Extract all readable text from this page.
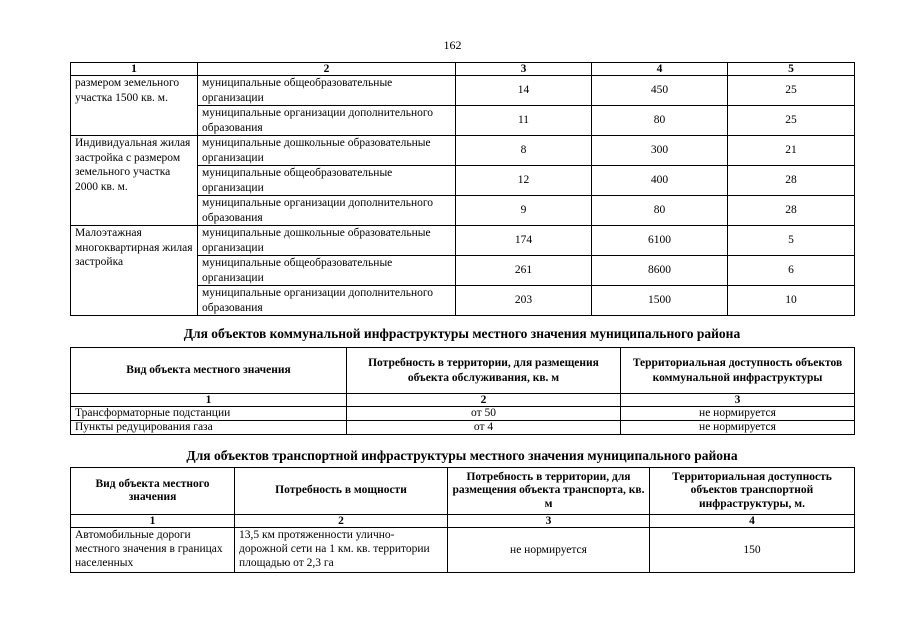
162
1	2	3	4	5
размером земельного участка 1500 кв. м.	муниципальные общеобразовательные организации	14	450	25
	муниципальные организации дополнительного образования	11	80	25
Индивидуальная жилая застройка с размером земельного участка 2000 кв. м.	муниципальные дошкольные образовательные организации	8	300	21
	муниципальные общеобразовательные организации	12	400	28
	муниципальные организации дополнительного образования	9	80	28
Малоэтажная многоквартирная жилая застройка	муниципальные дошкольные образовательные организации	174	6100	5
	муниципальные общеобразовательные организации	261	8600	6
	муниципальные организации дополнительного образования	203	1500	10
Для объектов коммунальной инфраструктуры местного значения муниципального района
Вид объекта местного значения	Потребность в территории, для размещения объекта обслуживания, кв. м	Территориальная доступность объектов коммунальной инфраструктуры
1	2	3
Трансформаторные подстанции	от 50	не нормируется
Пункты редуцирования газа	от 4	не нормируется
Для объектов транспортной инфраструктуры местного значения муниципального района
Вид объекта местного значения	Потребность в мощности	Потребность в территории, для размещения объекта транспорта, кв. м	Территориальная доступность объектов транспортной инфраструктуры, м.
1	2	3	4
Автомобильные дороги местного значения в границах населенных	13,5 км протяженности улично-дорожной сети на 1 км. кв. территории площадью от 2,3 га	не нормируется	150
